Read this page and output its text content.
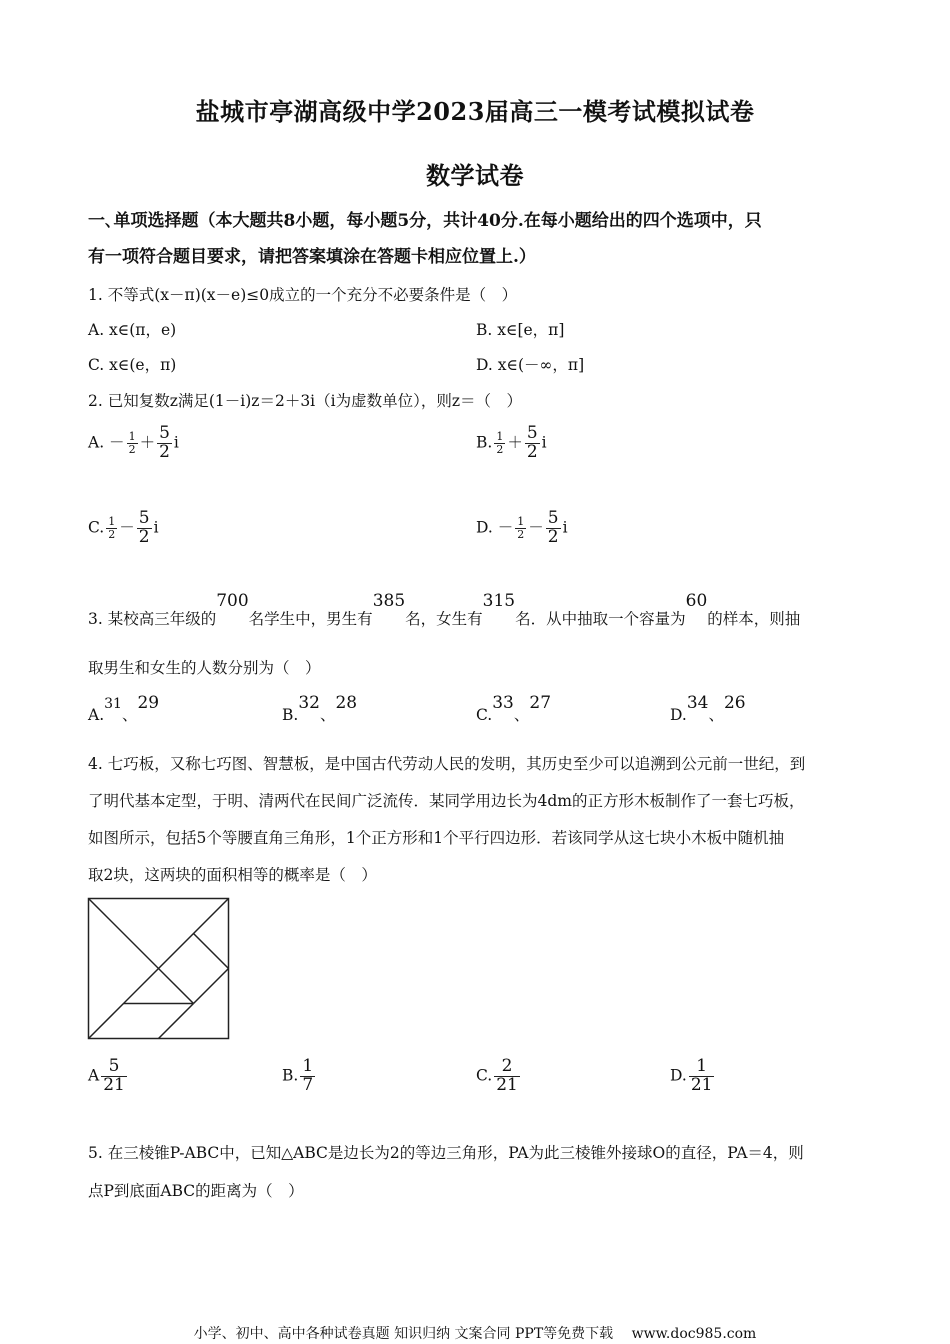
盐城市亭湖高级中学2023届高三一模考试模拟试卷
数学试卷
一､单项选择题（本大题共8小题，每小题5分，共计40分.在每小题给出的四个选项中，只
有一项符合题目要求，请把答案填涂在答题卡相应位置上.）
1. 不等式(x－π)(x－e)≤0成立的一个充分不必要条件是（　）
A. x∈(π，e)	B. x∈[e，π]
C. x∈(e，π)	D. x∈(－∞，π]
2. 已知复数z满足(1－i)z＝2＋3i（i为虚数单位），则z＝（　）
A. － $\frac{1}{2} + \frac{5}{2}$ i	B. $\frac{1}{2} + \frac{5}{2}$ i
C. $\frac{1}{2} - \frac{5}{2}$ i	D. － $\frac{1}{2} - \frac{5}{2}$ i
3. 某校高三年级的700名学生中，男生有385名，女生有315名．从中抽取一个容量为60的样本，则抽
取男生和女生的人数分别为（　）
A.31、29
B.32、28
C.33、27
D.34、26
4. 七巧板，又称七巧图、智慧板，是中国古代劳动人民的发明，其历史至少可以追溯到公元前一世纪，到
了明代基本定型，于明、清两代在民间广泛流传．某同学用边长为4dm的正方形木板制作了一套七巧板，
如图所示，包括5个等腰直角三角形，1个正方形和1个平行四边形．若该同学从这七块小木板中随机抽
取2块，这两块的面积相等的概率是（　）
A $\frac{5}{21}$	B. $\frac{1}{7}$	C. $\frac{2}{21}$	D. $\frac{1}{21}$
5. 在三棱锥P-ABC中，已知△ABC是边长为2的等边三角形，PA为此三棱锥外接球O的直径，PA＝4，则
点P到底面ABC的距离为（　）
小学、初中、高中各种试卷真题 知识归纳 文案合同 PPT等免费下载　 www.doc985.com
